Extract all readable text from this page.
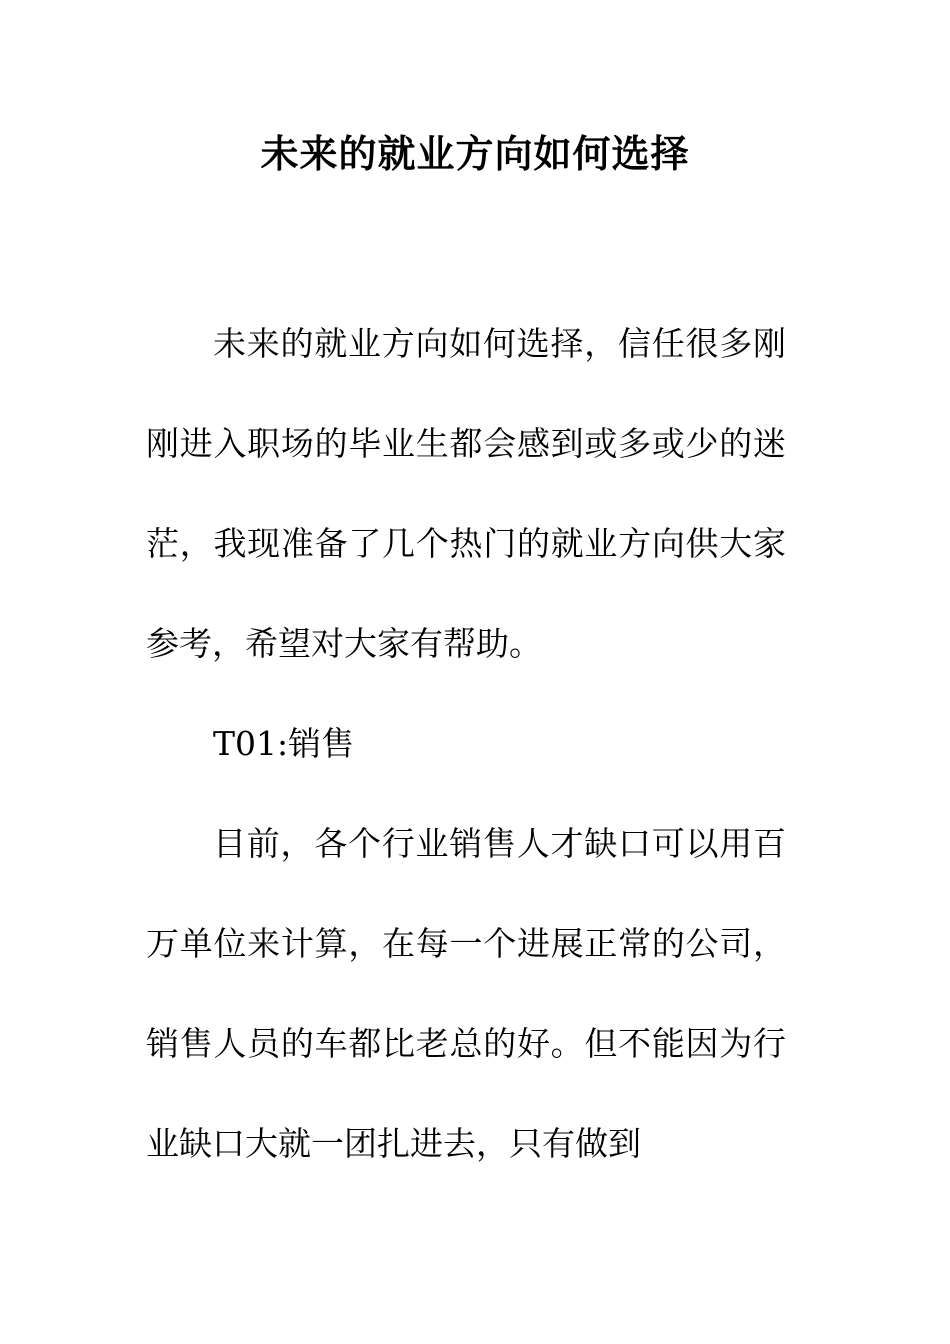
未来的就业方向如何选择

未来的就业方向如何选择，信任很多刚刚进入职场的毕业生都会感到或多或少的迷茫，我现准备了几个热门的就业方向供大家参考，希望对大家有帮助。

T01:销售

目前，各个行业销售人才缺口可以用百万单位来计算，在每一个进展正常的公司，销售人员的车都比老总的好。但不能因为行业缺口大就一团扎进去，只有做到
